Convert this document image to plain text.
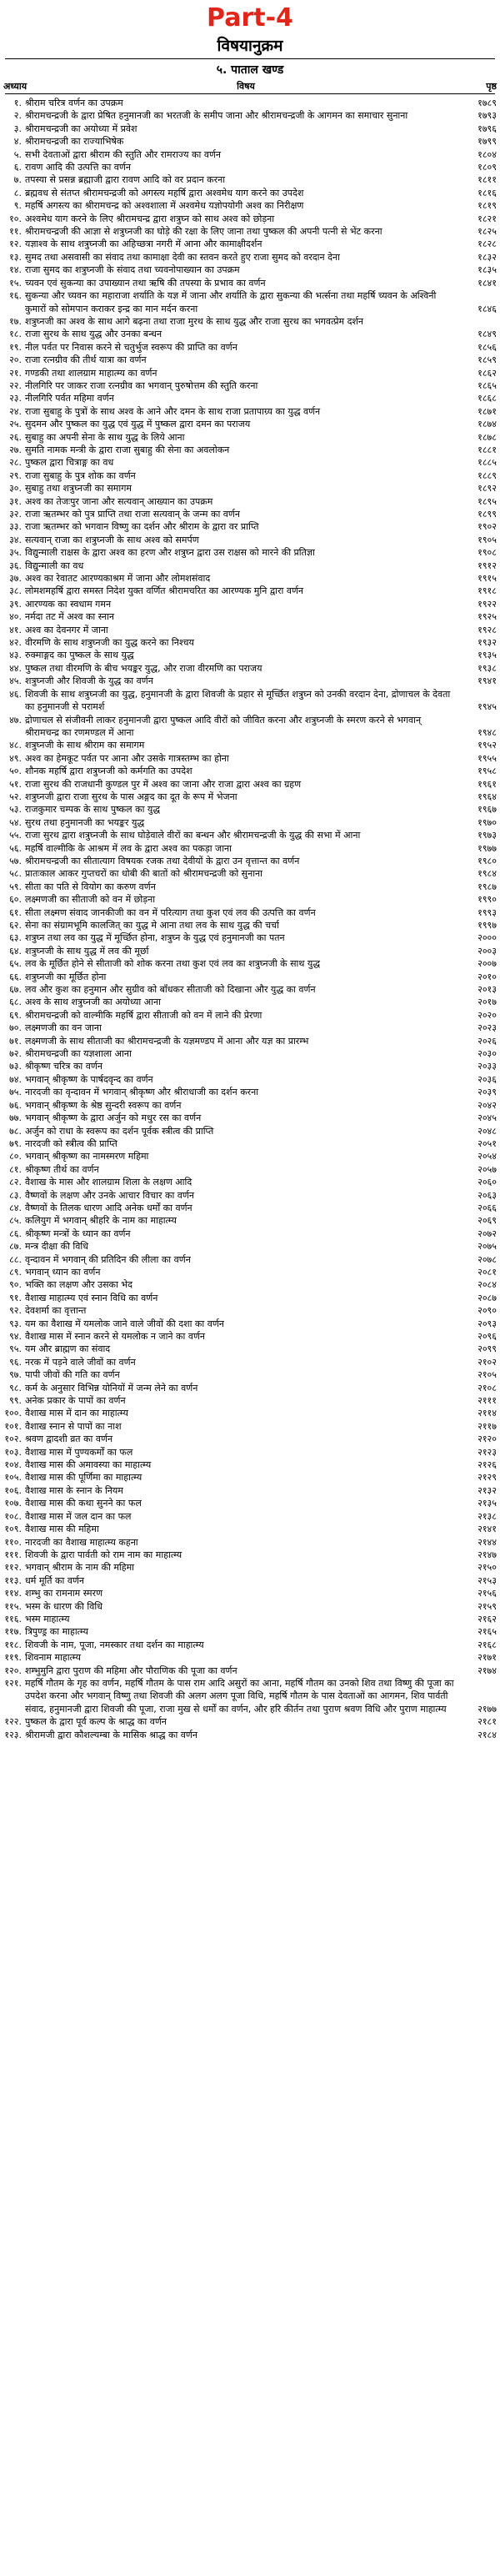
Part-4
विषयानुक्रम
५. पाताल खण्ड
अध्याय	विषय	पृष्ठ
१. श्रीराम चरित्र वर्णन का उपक्रम	१७८९
२. श्रीरामचन्द्रजी के द्वारा प्रेषित हनुमानजी का भरतजी के समीप जाना और श्रीरामचन्द्रजी के आगमन का समाचार सुनाना	१७९३
३. श्रीरामचन्द्रजी का अयोध्या में प्रवेश	१७९६
४. श्रीरामचन्द्रजी का राज्याभिषेक	१७९९
५. सभी देवताओं द्वारा श्रीराम की स्तुति और रामराज्य का वर्णन	१८०४
६. रावण आदि की उत्पत्ति का वर्णन	१८०९
७. तपस्या से प्रसन्न ब्रह्माजी द्वारा रावण आदि को वर प्रदान करना	१८११
८. ब्रह्मवध से संतप्त श्रीरामचन्द्रजी को अगस्त्य महर्षि द्वारा अश्वमेध याग करने का उपदेश	१८१६
९. महर्षि अगस्त्य का श्रीरामचन्द्र को अश्वशाला में अश्वमेध यज्ञोपयोगी अश्व का निरीक्षण	१८१९
१०. अश्वमेध याग करने के लिए श्रीरामचन्द्र द्वारा शत्रुघ्न को साथ अश्व को छोड़ना	१८२१
११. श्रीरामचन्द्रजी की आज्ञा से शत्रुघ्नजी का घोड़े की रक्षा के लिए जाना तथा पुष्कल की अपनी पत्नी से भेंट करना	१८२५
१२. यज्ञाश्व के साथ शत्रुघ्नजी का अहिच्छत्रा नगरी में आना और कामाक्षीदर्शन	१८२८
१३. सुमद तथा असवासी का संवाद तथा कामाक्षा देवी का स्तवन करते हुए राजा सुमद को वरदान देना	१८३२
१४. राजा सुमद का शत्रुघ्नजी के संवाद तथा च्यवनोपाख्यान का उपक्रम	१८३५
१५. च्यवन एवं सुकन्या का उपाख्यान तथा ऋषि की तपस्या के प्रभाव का वर्णन	१८४१
१६. सुकन्या और च्यवन का महाराजा शर्याति के यज्ञ में जाना और शर्याति के द्वारा सुकन्या की भर्त्सना तथा महर्षि च्यवन के अश्विनी कुमारों को सोमपान कराकर इन्द्र का मान मर्दन करना	१८४६
१७. शत्रुघ्नजी का अश्व के साथ आगे बढ़ना तथा राजा मुरथ के साथ युद्ध और राजा सुरथ का भगवत्प्रेम दर्शन
१८. राजा सुरथ के साथ युद्ध और उनका बन्धन	१८४९
१९. नील पर्वत पर निवास करने से चतुर्भुज स्वरूप की प्राप्ति का वर्णन	१८५६
२०. राजा रत्नग्रीव की तीर्थ यात्रा का वर्णन	१८५९
२१. गण्डकी तथा शालग्राम माहात्म्य का वर्णन	१८६२
२२. नीलगिरि पर जाकर राजा रत्नग्रीव का भगवान् पुरुषोत्तम की स्तुति करना	१८६५
२३. नीलगिरि पर्वत महिमा वर्णन	१८६८
२४. राजा सुबाहु के पुत्रों के साथ अश्व के आने और दमन के साथ राजा प्रतापाग्र्य का युद्ध वर्णन	१८७१
२५. सुदमन और पुष्कल का युद्ध एवं युद्ध में पुष्कल द्वारा दमन का पराजय	१८७४
२६. सुबाहु का अपनी सेना के साथ युद्ध के लिये आना	१८७८
२७. सुमति नामक मन्त्री के द्वारा राजा सुबाहु की सेना का अवलोकन	१८८१
२८. पुष्कल द्वारा चित्राङ्ग का वध	१८८५
२९. राजा सुबाहु के पुत्र शोक का वर्णन	१८८९
३०. सुबाहु तथा शत्रुघ्नजी का समागम	१८९२
३१. अश्व का तेजःपुर जाना और सत्यवान् आख्यान का उपक्रम	१८९५
३२. राजा ऋतम्भर को पुत्र प्राप्ति तथा राजा सत्यवान् के जन्म का वर्णन	१८९९
३३. राजा ऋतम्भर को भगवान विष्णु का दर्शन और श्रीराम के द्वारा वर प्राप्ति	१९०२
३४. सत्यवान् राजा का शत्रुघ्नजी के साथ अश्व को समर्पण	१९०५
३५. विद्युन्माली राक्षस के द्वारा अश्व का हरण और शत्रुघ्न द्वारा उस राक्षस को मारने की प्रतिज्ञा	१९०८
३६. विद्युन्माली का वध	१९१२
३७. अश्व का रेवातट आरण्यकाश्रम में जाना और लोमशसंवाद	१९१५
३८. लोमशमहर्षि द्वारा समस्त निदेश युक्त वर्णित श्रीरामचरित का आरण्यक मुनि द्वारा वर्णन	१९१८
३९. आरण्यक का स्वधाम गमन	१९२२
४०. नर्मदा तट में अश्व का स्नान	१९२५
४१. अश्व का देवनगर में जाना	१९२८
४२. वीरमणि के साथ शत्रुघ्नजी का युद्ध करने का निश्चय	१९३२
४३. रुक्माङ्गद का पुष्कल के साथ युद्ध	१९३५
४४. पुष्कल तथा वीरमणि के बीच भयङ्कर युद्ध, और राजा वीरमणि का पराजय	१९३८
४५. शत्रुघ्नजी और शिवजी के युद्ध का वर्णन	१९४१
४६. शिवजी के साथ शत्रुघ्नजी का युद्ध, हनुमानजी के द्वारा शिवजी के प्रहार से मूर्च्छित शत्रुघ्न को उनकी वरदान देना, द्रोणाचल के देवता का हनुमानजी से परामर्श	१९४५
४७. द्रोणाचल से संजीवनी लाकर हनुमानजी द्वारा पुष्कल आदि वीरों को जीवित करना और शत्रुघ्नजी के स्मरण करने से भगवान् श्रीरामचन्द्र का रणमण्डल में आना	१९४८
४८. शत्रुघ्नजी के साथ श्रीराम का समागम	१९५२
४९. अश्व का हेमकूट पर्वत पर आना और उसके गात्रस्तम्भ का होना	१९५५
५०. शौनक महर्षि द्वारा शत्रुघ्नजी को कर्मगति का उपदेश	१९५८
५१. राजा सुरथ की राजधानी कुण्डल पुर में अश्व का जाना और राजा द्वारा अश्व का ग्रहण	१९६१
५२. शत्रुघ्नजी द्वारा राजा सुरथ के पास अङ्गद का दूत के रूप में भेजना	१९६४
५३. राजकुमार चम्पक के साथ पुष्कल का युद्ध	१९६७
५४. सुरथ तथा हनुमानजी का भयङ्कर युद्ध	१९७०
५५. राजा सुरथ द्वारा शत्रुघ्नजी के साथ घोड़ेवाले वीरों का बन्धन और श्रीरामचन्द्रजी के युद्ध की सभा में आना	१९७३
५६. महर्षि वाल्मीकि के आश्रम में लव के द्वारा अश्व का पकड़ा जाना	१९७७
५७. श्रीरामचन्द्रजी का सीतात्याग विषयक रजक तथा देवीयों के द्वारा उन वृत्तान्त का वर्णन	१९८०
५८. प्रातःकाल आकर गुप्तचरों का धोबी की बातों को श्रीरामचन्द्रजी को सुनाना	१९८४
५९. सीता का पति से वियोग का करुण वर्णन	१९८७
६०. लक्ष्मणजी का सीताजी को वन में छोड़ना	१९९०
६१. सीता लक्ष्मण संवाद जानकीजी का वन में परित्याग तथा कुश एवं लव की उत्पत्ति का वर्णन	१९९३
६२. सेना का संग्रामभूमि कालजित् का युद्ध मे आना तथा लव के साथ युद्ध की चर्चा	१९९७
६३. शत्रुघ्न तथा लव का युद्ध में मूर्च्छित होना, शत्रुघ्न के युद्ध एवं हनुमानजी का पतन	२०००
६४. शत्रुघ्नजी के साथ युद्ध में लव की मूर्छा	२००३
६५. लव के मूर्छित होने से सीताजी को शोक करना तथा कुश एवं लव का शत्रुघ्नजी के साथ युद्ध	२००७
६६. शत्रुघ्नजी का मूर्छित होना	२०१०
६७. लव और कुश का हनुमान और सुग्रीव को बाँधकर सीताजी को दिखाना और युद्ध का वर्णन	२०१३
६८. अश्व के साथ शत्रुघ्नजी का अयोध्या आना	२०१७
६९. श्रीरामचन्द्रजी को वाल्मीकि महर्षि द्वारा सीताजी को वन में लाने की प्रेरणा	२०२०
७०. लक्ष्मणजी का वन जाना	२०२३
७१. लक्ष्मणजी के साथ सीताजी का श्रीरामचन्द्रजी के यज्ञमण्डप में आना और यज्ञ का प्रारम्भ	२०२६
७२. श्रीरामचन्द्रजी का यज्ञशाला आना	२०३०
७३. श्रीकृष्ण चरित्र का वर्णन	२०३३
७४. भगवान् श्रीकृष्ण के पार्षदवृन्द का वर्णन	२०३६
७५. नारदजी का वृन्दावन में भगवान् श्रीकृष्ण और श्रीराधाजी का दर्शन करना	२०३९
७६. भगवान् श्रीकृष्ण के श्रेष्ठ सुन्दरी स्वरूप का वर्णन	२०४२
७७. भगवान् श्रीकृष्ण के द्वारा अर्जुन को मधुर रस का वर्णन	२०४५
७८. अर्जुन को राधा के स्वरूप का दर्शन पूर्वक स्त्रीत्व की प्राप्ति	२०४८
७९. नारदजी को स्त्रीत्व की प्राप्ति	२०५१
८०. भगवान् श्रीकृष्ण का नामस्मरण महिमा	२०५४
८१. श्रीकृष्ण तीर्थ का वर्णन	२०५७
८२. वैशाख के मास और शालग्राम शिला के लक्षण आदि	२०६०
८३. वैष्णवों के लक्षण और उनके आचार विचार का वर्णन	२०६३
८४. वैष्णवों के तिलक धारण आदि अनेक धर्मों का वर्णन	२०६६
८५. कलियुग में भगवान् श्रीहरि के नाम का माहात्म्य	२०६९
८६. श्रीकृष्ण मन्त्रों के ध्यान का वर्णन	२०७२
८७. मन्त्र दीक्षा की विधि	२०७५
८८. वृन्दावन में भगवान् की प्रतिदिन की लीला का वर्णन	२०७८
८९. भगवान् ध्यान का वर्णन	२०८१
९०. भक्ति का लक्षण और उसका भेद	२०८४
९१. वैशाख माहात्म्य एवं स्नान विधि का वर्णन	२०८७
९२. देवशर्मा का वृत्तान्त	२०९०
९३. यम का वैशाख में यमलोक जाने वाले जीवों की दशा का वर्णन	२०९३
९४. वैशाख मास में स्नान करने से यमलोक न जाने का वर्णन	२०९६
९५. यम और ब्राह्मण का संवाद	२०९९
९६. नरक में पड़ने वाले जीवों का वर्णन	२१०२
९७. पापी जीवों की गति का वर्णन	२१०५
९८. कर्म के अनुसार विभिन्न योनियों में जन्म लेने का वर्णन	२१०८
९९. अनेक प्रकार के पापों का वर्णन	२१११
१००. वैशाख मास में दान का माहात्म्य	२११४
१०१. वैशाख स्नान से पापों का नाश	२११७
१०२. श्रवण द्वादशी व्रत का वर्णन	२१२०
१०३. वैशाख मास में पुण्यकर्मों का फल	२१२३
१०४. वैशाख मास की अमावस्या का माहात्म्य	२१२६
१०५. वैशाख मास की पूर्णिमा का माहात्म्य	२१२९
१०६. वैशाख मास के स्नान के नियम	२१३२
१०७. वैशाख मास की कथा सुनने का फल	२१३५
१०८. वैशाख मास में जल दान का फल	२१३८
१०९. वैशाख मास की महिमा	२१४१
११०. नारदजी का वैशाख माहात्म्य कहना	२१४४
१११. शिवजी के द्वारा पार्वती को राम नाम का माहात्म्य	२१४७
११२. भगवान् श्रीराम के नाम की महिमा	२१५०
११३. धर्म मूर्ति का वर्णन	२१५३
११४. शम्भु का रामनाम स्मरण	२१५६
११५. भस्म के धारण की विधि	२१५९
११६. भस्म माहात्म्य	२१६२
११७. त्रिपुण्ड्र का माहात्म्य	२१६५
११८. शिवजी के नाम, पूजा, नमस्कार तथा दर्शन का माहात्म्य	२१६८
११९. शिवनाम माहात्म्य	२१७१
१२०. शम्भुमुनि द्वारा पुराण की महिमा और पौराणिक की पूजा का वर्णन	२१७४
१२१. महर्षि गौतम के गृह का वर्णन, महर्षि गौतम के पास राम आदि असुरों का आना, महर्षि गौतम का उनको शिव तथा विष्णु की पूजा का उपदेश करना और भगवान् विष्णु तथा शिवजी की अलग अलग पूजा विधि, महर्षि गौतम के पास देवताओं का आगमन, शिव पार्वती संवाद, हनुमानजी द्वारा शिवजी की पूजा, राजा मुख से धर्मों का वर्णन, और हरि कीर्तन तथा पुराण श्रवण विधि और पुराण माहात्म्य	२१७७
१२२. पुष्कल के द्वारा पूर्व कल्प के श्राद्ध का वर्णन	२१८१
१२३. श्रीरामजी द्वारा कौशल्यम्बा के मासिक श्राद्ध का वर्णन	२१८४
